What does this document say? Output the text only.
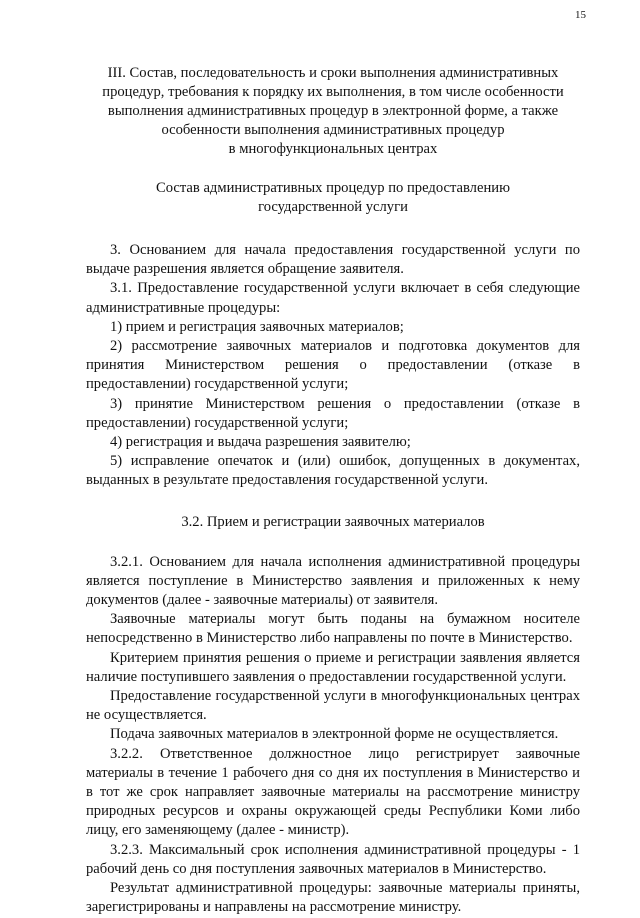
15
III. Состав, последовательность и сроки выполнения административных
процедур, требования к порядку их выполнения, в том числе особенности
выполнения административных процедур в электронной форме, а также
особенности выполнения административных процедур
в многофункциональных центрах
Состав административных процедур по предоставлению
государственной услуги

3. Основанием для начала предоставления государственной услуги по выдаче разрешения является обращение заявителя.

3.1. Предоставление государственной услуги включает в себя следующие административные процедуры:

1) прием и регистрация заявочных материалов;

2) рассмотрение заявочных материалов и подготовка документов для принятия Министерством решения о предоставлении (отказе в предоставлении) государственной услуги;

3) принятие Министерством решения о предоставлении (отказе в предоставлении) государственной услуги;

4) регистрация и выдача разрешения заявителю;

5) исправление опечаток и (или) ошибок, допущенных в документах, выданных в результате предоставления государственной услуги.

3.2. Прием и регистрации заявочных материалов

3.2.1. Основанием для начала исполнения административной процедуры является поступление в Министерство заявления и приложенных к нему документов (далее - заявочные материалы) от заявителя.

Заявочные материалы могут быть поданы на бумажном носителе непосредственно в Министерство либо направлены по почте в Министерство.

Критерием принятия решения о приеме и регистрации заявления является наличие поступившего заявления о предоставлении государственной услуги.

Предоставление государственной услуги в многофункциональных центрах не осуществляется.

Подача заявочных материалов в электронной форме не осуществляется.

3.2.2. Ответственное должностное лицо регистрирует заявочные материалы в течение 1 рабочего дня со дня их поступления в Министерство и в тот же срок направляет заявочные материалы на рассмотрение министру природных ресурсов и охраны окружающей среды Республики Коми либо лицу, его заменяющему (далее - министр).

3.2.3. Максимальный срок исполнения административной процедуры - 1 рабочий день со дня поступления заявочных материалов в Министерство.

Результат административной процедуры: заявочные материалы приняты, зарегистрированы и направлены на рассмотрение министру.
